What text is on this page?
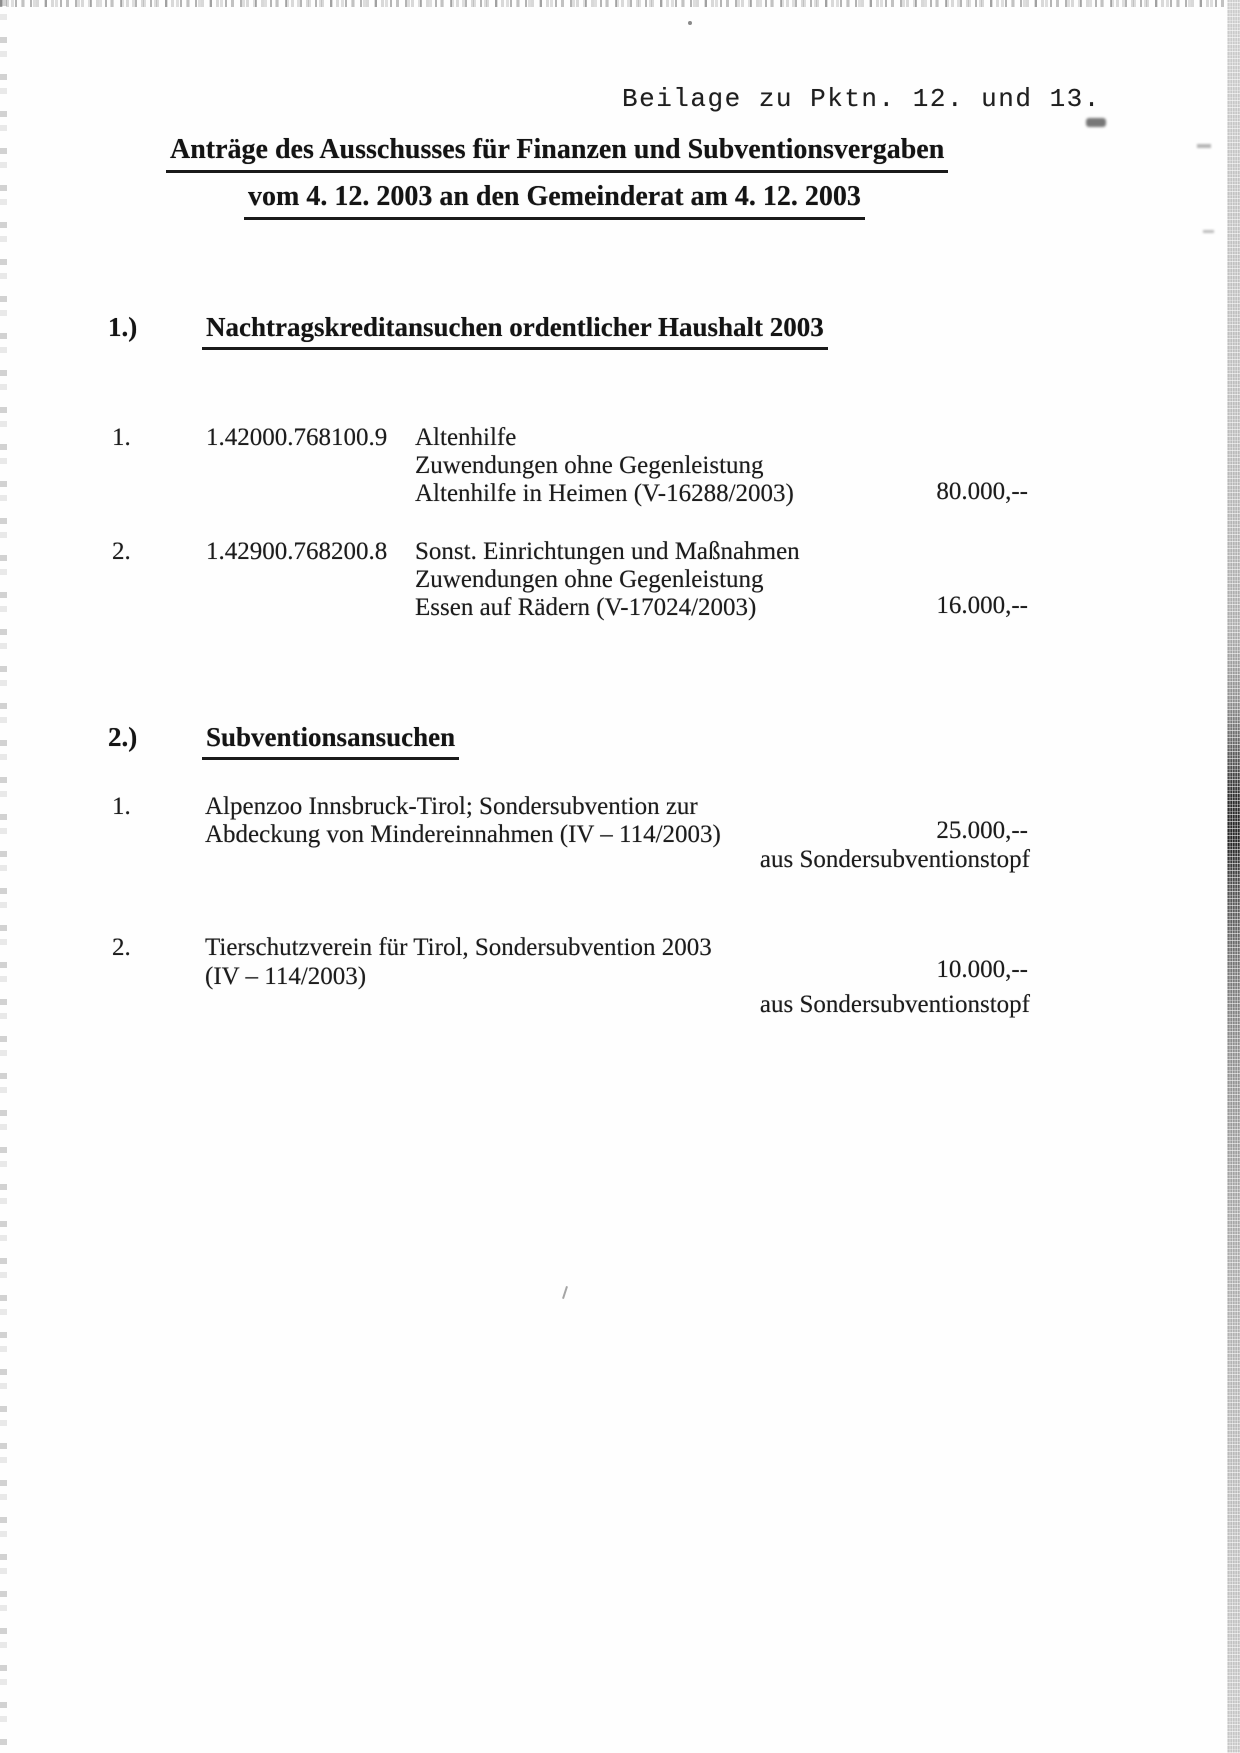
Beilage zu Pktn. 12. und 13.
Anträge des Ausschusses für Finanzen und Subventionsvergaben
vom 4. 12. 2003 an den Gemeinderat am 4. 12. 2003
1.)	Nachtragskreditansuchen ordentlicher Haushalt 2003
1.	1.42000.768100.9 Altenhilfe
Zuwendungen ohne Gegenleistung
Altenhilfe in Heimen (V-16288/2003)	80.000,--
2.	1.42900.768200.8 Sonst. Einrichtungen und Maßnahmen
Zuwendungen ohne Gegenleistung
Essen auf Rädern (V-17024/2003)	16.000,--
2.)	Subventionsansuchen
1.	Alpenzoo Innsbruck-Tirol; Sondersubvention zur
Abdeckung von Mindereinnahmen (IV – 114/2003)	25.000,--
aus Sondersubventionstopf
2.	Tierschutzverein für Tirol, Sondersubvention 2003
(IV – 114/2003)	10.000,--
aus Sondersubventionstopf
